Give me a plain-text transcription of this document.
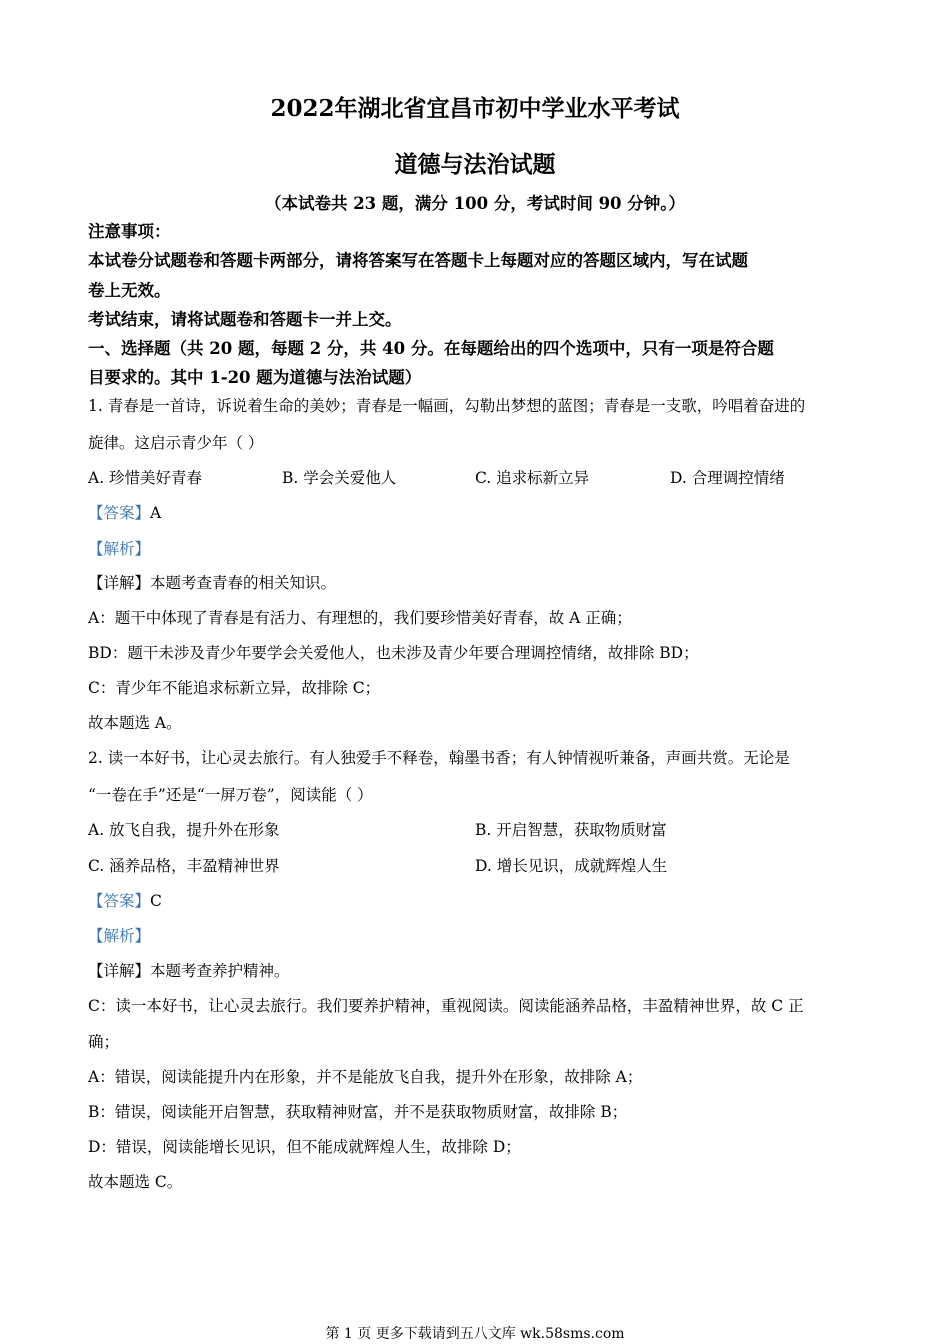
2022年湖北省宜昌市初中学业水平考试
道德与法治试题
（本试卷共 23 题，满分 100 分，考试时间 90 分钟。）
注意事项：
本试卷分试题卷和答题卡两部分，请将答案写在答题卡上每题对应的答题区域内，写在试题
卷上无效。
考试结束，请将试题卷和答题卡一并上交。
一、选择题（共 20 题，每题 2 分，共 40 分。在每题给出的四个选项中，只有一项是符合题
目要求的。其中 1-20 题为道德与法治试题）
1. 青春是一首诗，诉说着生命的美妙；青春是一幅画，勾勒出梦想的蓝图；青春是一支歌，吟唱着奋进的
旋律。这启示青少年（ ）
A. 珍惜美好青春	B. 学会关爱他人	C. 追求标新立异	D. 合理调控情绪
【答案】A
【解析】
【详解】本题考查青春的相关知识。
A：题干中体现了青春是有活力、有理想的，我们要珍惜美好青春，故 A 正确；
BD：题干未涉及青少年要学会关爱他人，也未涉及青少年要合理调控情绪，故排除 BD；
C：青少年不能追求标新立异，故排除 C；
故本题选 A。
2. 读一本好书，让心灵去旅行。有人独爱手不释卷，翰墨书香；有人钟情视听兼备，声画共赏。无论是
“一卷在手”还是“一屏万卷”，阅读能（ ）
A. 放飞自我，提升外在形象	B. 开启智慧，获取物质财富
C. 涵养品格，丰盈精神世界	D. 增长见识，成就辉煌人生
【答案】C
【解析】
【详解】本题考查养护精神。
C：读一本好书，让心灵去旅行。我们要养护精神，重视阅读。阅读能涵养品格，丰盈精神世界，故 C 正
确；
A：错误，阅读能提升内在形象，并不是能放飞自我，提升外在形象，故排除 A；
B：错误，阅读能开启智慧，获取精神财富，并不是获取物质财富，故排除 B；
D：错误，阅读能增长见识，但不能成就辉煌人生，故排除 D；
故本题选 C。
第 1 页 更多下载请到五八文库 wk.58sms.com
